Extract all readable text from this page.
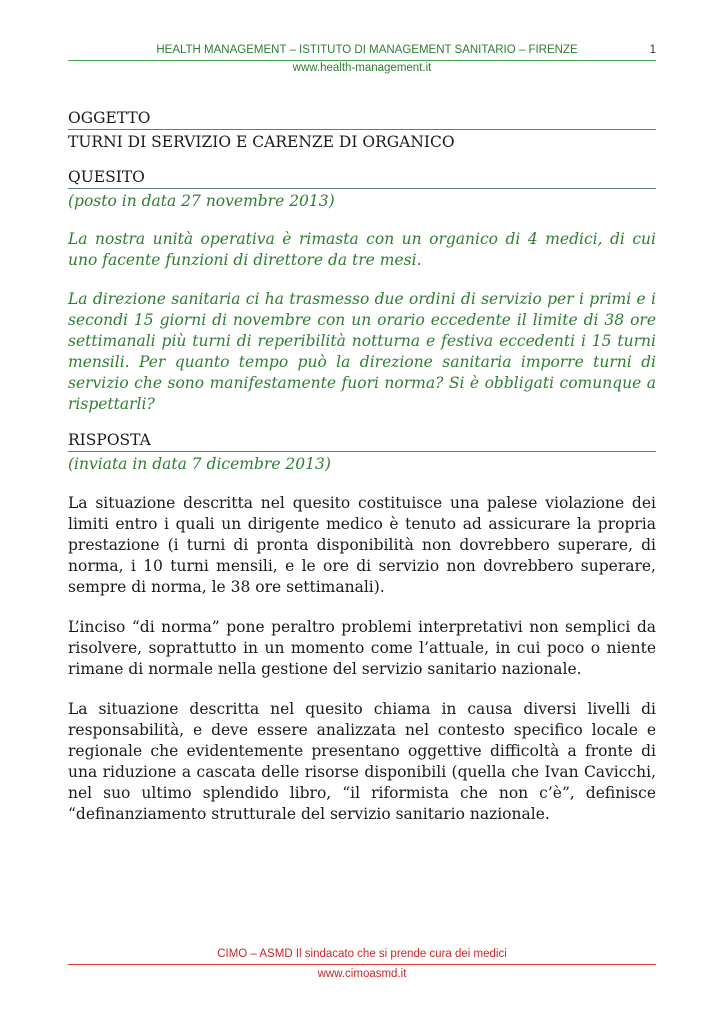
HEALTH MANAGEMENT – ISTITUTO DI MANAGEMENT SANITARIO – FIRENZE	1
www.health-management.it

OGGETTO

TURNI DI SERVIZIO E CARENZE DI ORGANICO

QUESITO

(posto in data 27 novembre 2013)

La nostra unità operativa è rimasta con un organico di 4 medici, di cui uno facente funzioni di direttore da tre mesi.

La direzione sanitaria ci ha trasmesso due ordini di servizio per i primi e i secondi 15 giorni di novembre con un orario eccedente il limite di 38 ore settimanali più turni di reperibilità notturna e festiva eccedenti i 15 turni mensili. Per quanto tempo può la direzione sanitaria imporre turni di servizio che sono manifestamente fuori norma? Si è obbligati comunque a rispettarli?

RISPOSTA

(inviata in data 7 dicembre 2013)

La situazione descritta nel quesito costituisce una palese violazione dei limiti entro i quali un dirigente medico è tenuto ad assicurare la propria prestazione (i turni di pronta disponibilità non dovrebbero superare, di norma, i 10 turni mensili, e le ore di servizio non dovrebbero superare, sempre di norma, le 38 ore settimanali).

L’inciso “di norma” pone peraltro problemi interpretativi non semplici da risolvere, soprattutto in un momento come l’attuale, in cui poco o niente rimane di normale nella gestione del servizio sanitario nazionale.

La situazione descritta nel quesito chiama in causa diversi livelli di responsabilità, e deve essere analizzata nel contesto specifico locale e regionale che evidentemente presentano oggettive difficoltà a fronte di una riduzione a cascata delle risorse disponibili (quella che Ivan Cavicchi, nel suo ultimo splendido libro, “il riformista che non c’è”, definisce “definanziamento strutturale del servizio sanitario nazionale.

CIMO – ASMD Il sindacato che si prende cura dei medici
www.cimoasmd.it
